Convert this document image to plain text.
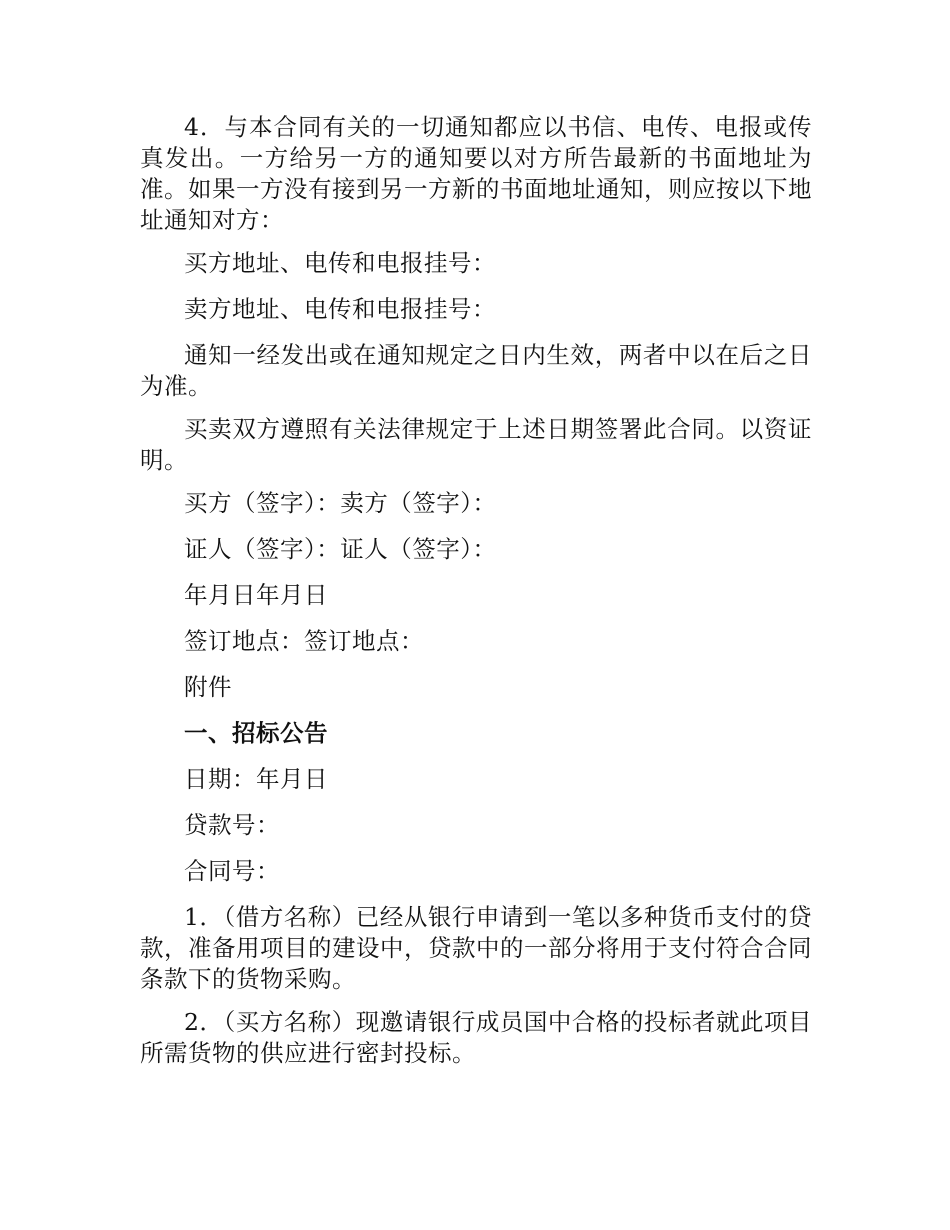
4．与本合同有关的一切通知都应以书信、电传、电报或传真发出。一方给另一方的通知要以对方所告最新的书面地址为准。如果一方没有接到另一方新的书面地址通知，则应按以下地址通知对方：

买方地址、电传和电报挂号：

卖方地址、电传和电报挂号：

通知一经发出或在通知规定之日内生效，两者中以在后之日为准。

买卖双方遵照有关法律规定于上述日期签署此合同。以资证明。

买方（签字）：卖方（签字）：

证人（签字）：证人（签字）：

年月日年月日

签订地点：签订地点：

附件

一、招标公告

日期：年月日

贷款号：

合同号：

1．（借方名称）已经从银行申请到一笔以多种货币支付的贷款，准备用项目的建设中，贷款中的一部分将用于支付符合合同条款下的货物采购。

2．（买方名称）现邀请银行成员国中合格的投标者就此项目所需货物的供应进行密封投标。
